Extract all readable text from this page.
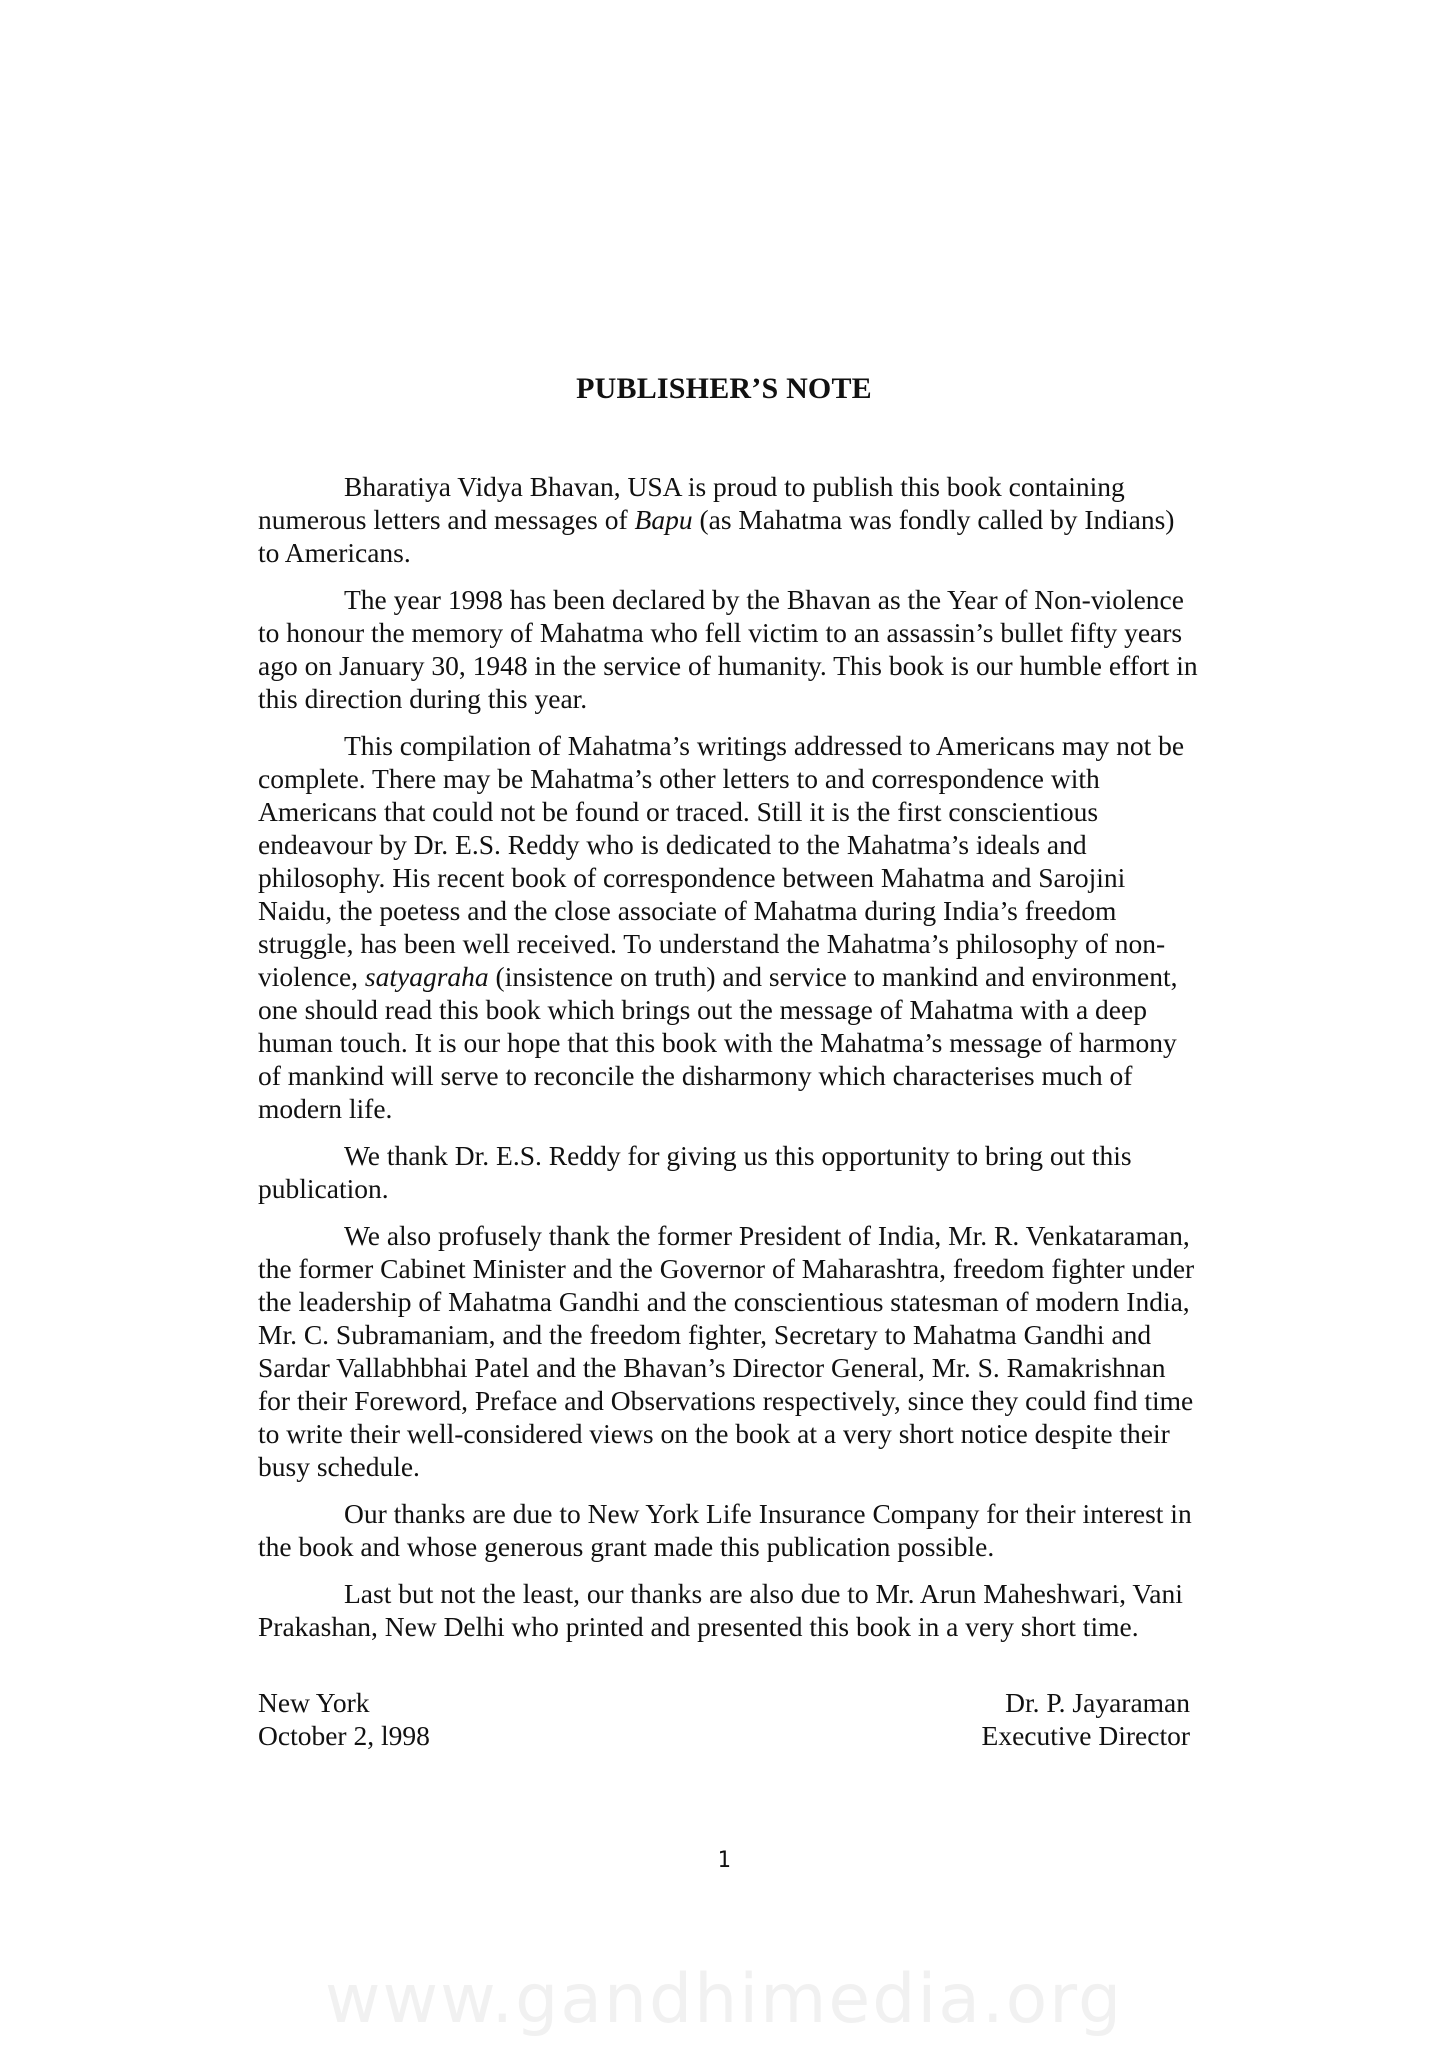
PUBLISHER’S NOTE

Bharatiya Vidya Bhavan, USA is proud to publish this book containing numerous letters and messages of Bapu (as Mahatma was fondly called by Indians) to Americans.

The year 1998 has been declared by the Bhavan as the Year of Non-violence to honour the memory of Mahatma who fell victim to an assassin’s bullet fifty years ago on January 30, 1948 in the service of humanity. This book is our humble effort in this direction during this year.

This compilation of Mahatma’s writings addressed to Americans may not be complete. There may be Mahatma’s other letters to and correspondence with Americans that could not be found or traced. Still it is the first conscientious endeavour by Dr. E.S. Reddy who is dedicated to the Mahatma’s ideals and philosophy. His recent book of correspondence between Mahatma and Sarojini Naidu, the poetess and the close associate of Mahatma during India’s freedom struggle, has been well received. To understand the Mahatma’s philosophy of non-violence, satyagraha (insistence on truth) and service to mankind and environment, one should read this book which brings out the message of Mahatma with a deep human touch. It is our hope that this book with the Mahatma’s message of harmony of mankind will serve to reconcile the disharmony which characterises much of modern life.

We thank Dr. E.S. Reddy for giving us this opportunity to bring out this publication.

We also profusely thank the former President of India, Mr. R. Venkataraman, the former Cabinet Minister and the Governor of Maharashtra, freedom fighter under the leadership of Mahatma Gandhi and the conscientious statesman of modern India, Mr. C. Subramaniam, and the freedom fighter, Secretary to Mahatma Gandhi and Sardar Vallabhbhai Patel and the Bhavan’s Director General, Mr. S. Ramakrishnan for their Foreword, Preface and Observations respectively, since they could find time to write their well-considered views on the book at a very short notice despite their busy schedule.

Our thanks are due to New York Life Insurance Company for their interest in the book and whose generous grant made this publication possible.

Last but not the least, our thanks are also due to Mr. Arun Maheshwari, Vani Prakashan, New Delhi who printed and presented this book in a very short time.

New York
October 2, l998
Dr. P. Jayaraman
Executive Director
1
www.gandhimedia.org
